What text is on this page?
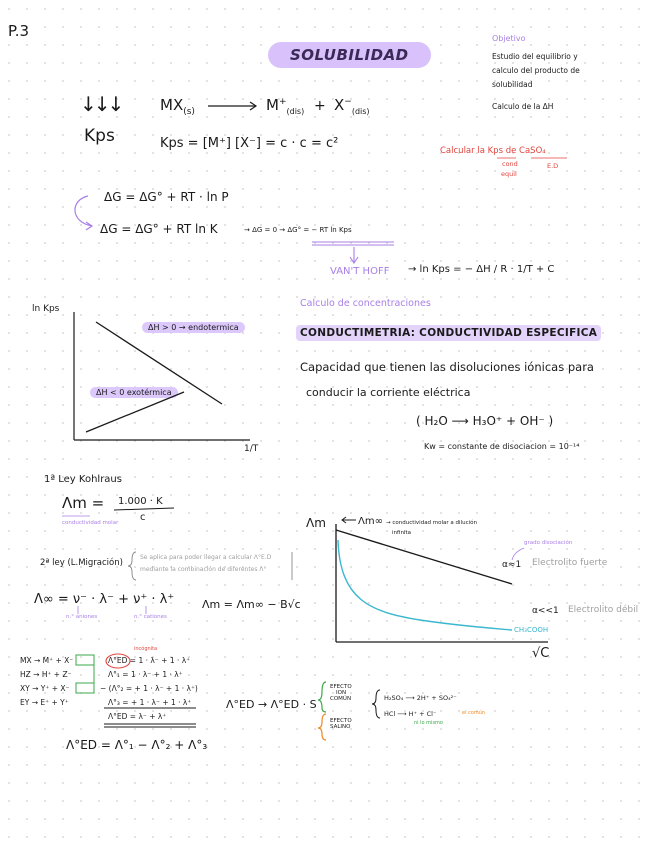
P.3
SOLUBILIDAD
Objetivo
Estudio del equilibrio y
calculo del producto de
solubilidad
Calculo de la ΔH
↓↓↓
Kps
$MX_{(s)}$	$M^+_{(dis)} + X^-_{(dis)}$
Kps = [M⁺] [X⁻] = c · c = c²	Calcular la Kps de CaSO₄
cond
equil
E.D
ΔG = ΔG° + RT · ln P
ΔG = ΔG° + RT ln K	→ ΔG = 0 → ΔG° = − RT ln Kps
VAN'T HOFF → ln Kps = − ΔH / R · 1/T + C
Calculo de concentraciones
CONDUCTIMETRIA: CONDUCTIVIDAD ESPECIFICA
Capacidad que tienen las disoluciones iónicas para
conducir la corriente eléctrica
( H₂O ⟶ H₃O⁺ + OH⁻ )
Kw = constante de disociacion = 10⁻¹⁴
ln Kps
1/T
ΔH > 0 → endotermica
ΔH < 0 exotérmica
1ª Ley Kohlraus
Λm = 1.000 · K
c
conductividad molar
2ª ley (L.Migración)
Se aplica para poder llegar a calcular Λ°E.D
mediante la combinación de diferentes Λ°
Λ∞ = ν⁻ · λ⁻ + ν⁺ · λ⁺
n.° aniones	n.° cationes
Λm = Λm∞ − B√c
Λm	Λm∞ → conductividad molar a dilución
infinita
grado disociación
α≈1 Electrolito fuerte
α<<1 Electrolito débil
CH₃COOH
√C
MX → M⁺ + X⁻
HZ → H⁺ + Z⁻
XY → Y⁺ + X⁻
EY → E⁺ + Y⁺
incógnita
Λ°ED = 1 · λ⁻ + 1 · λ⁺
Λ°₁ = 1 · λ⁻ + 1 · λ⁺
− (Λ°₂ = + 1 · λ⁻ + 1 · λ⁺)
Λ°₃ = + 1 · λ⁻ + 1 · λ⁺
Λ°ED = λ⁻ + λ⁺
Λ°ED = Λ°₁ − Λ°₂ + Λ°₃
Λ°ED → Λ°ED · S
EFECTO
ION
COMÚN
EFECTO
SALINO
H₂SO₄ ⟶ 2H⁺ + SO₄²⁻
HCl ⟶ H⁺ + Cl⁻	el común
ni lo mismo
